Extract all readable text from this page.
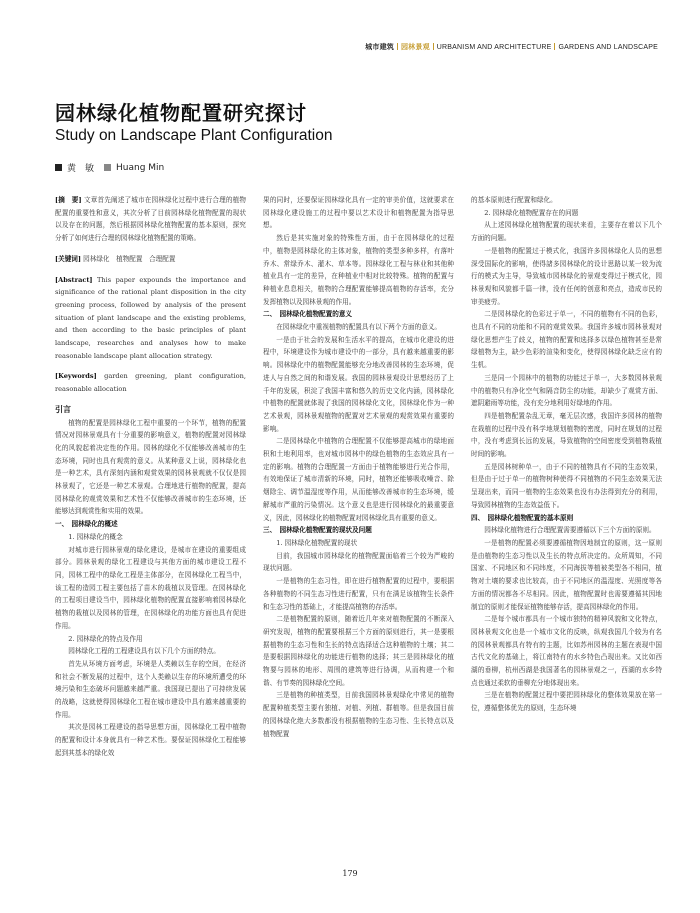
城市建筑 园林景观 URBANISM AND ARCHITECTURE GARDENS AND LANDSCAPE
园林绿化植物配置研究探讨
Study on Landscape Plant Configuration
黄　敏 Huang Min

[摘　要] 文章首先阐述了城市在园林绿化过程中进行合理的植物配置的重要性和意义，其次分析了目前园林绿化植物配置的现状以及存在的问题，然后根据园林绿化植物配置的基本原则，探究分析了如何进行合理的园林绿化植物配置的策略。

[关键词] 园林绿化　植物配置　合理配置

[Abstract] This paper expounds the importance and significance of the rational plant disposition in the city greening process, followed by analysis of the present situation of plant landscape and the existing problems, and then according to the basic principles of plant landscape, researches and analyses how to make reasonable landscape plant allocation strategy.

[Keywords] garden greening, plant configuration, reasonable allocation

引言

植物的配置是园林绿化工程中重要的一个环节，植物的配置情况对园林景观具有十分重要的影响意义，植物的配置对园林绿化的风貌起着决定性的作用。园林的绿化不仅能够改善城市的生态环境，同时也具有观赏的意义。从某种意义上说，园林绿化也是一种艺术，具有深刻内涵和观赏效果的园林景观就不仅仅是园林景观了，它还是一种艺术景观。合理地进行植物的配置，提高园林绿化的观赏效果和艺术性不仅能够改善城市的生态环境，还能够达到观赏性和实用的效果。

一、　园林绿化的概述

1. 园林绿化的概念

对城市进行园林景观的绿化建设，是城市在建设的重要组成部分。园林景观的绿化工程建设与其他方面的城市建设工程不同，园林工程中的绿化工程是主体部分，在园林绿化工程当中，该工程的造园工程主要包括了苗木的栽植以及管理。在园林绿化的工程项目建设当中，园林绿化植物的配置直接影响着园林绿化植物的栽植以及园林的管理，在园林绿化的功能方面也具有促进作用。

2. 园林绿化的特点及作用

园林绿化工程的工程建设具有以下几个方面的特点。

首先从环境方面考虑，环境是人类赖以生存的空间，在经济和社会不断发展的过程中，这个人类赖以生存的环境所遭受的环境污染和生态破坏问题越来越严重。我国现已提出了可持续发展的战略，这就使得园林绿化工程在城市建设中具有越来越重要的作用。

其次是园林工程建设的指导思想方面，园林绿化工程中植物的配置和设计本身就具有一种艺术性。要保证园林绿化工程能够起到其基本的绿化效

果的同时，还要保证园林绿化具有一定的审美价值，这就要求在园林绿化建设施工的过程中要以艺术设计和植物配置为指导思想。

然后是其实施对象的特殊性方面，由于在园林绿化的过程中，植物是园林绿化的主体对象，植物的类型多种多样，有落叶乔木、常绿乔木、灌木、草本等。园林绿化工程与林业和其他种植业具有一定的差异，在种植业中相对比较特殊。植物的配置与种植业息息相关，植物的合理配置能够提高植物的存活率，充分发挥植物以及园林景观的作用。

二、　园林绿化植物配置的意义

在园林绿化中重视植物的配置具有以下两个方面的意义。

一是由于社会的发展和生活水平的提高，在城市化建设的进程中，环境建设作为城市建设中的一部分，具有越来越重要的影响。园林绿化中的植物配置能够充分地改善园林的生态环境，促进人与自然之间的和谐发展。我国的园林景观设计思想经历了上千年的发展，积淀了我国丰富和悠久的历史文化内涵，园林绿化中植物的配置就体现了我国的园林绿化文化，园林绿化作为一种艺术景观，园林景观植物的配置对艺术景观的观赏效果有重要的影响。

二是园林绿化中植物的合理配置不仅能够提高城市的绿地面积和土地利用率，也对城市园林中的绿色植物的生态效应具有一定的影响。植物的合理配置一方面由于植物能够进行光合作用，有效地保证了城市清新的环境，同时，植物还能够吸收噪音、除烟除尘、调节温湿度等作用，从而能够改善城市的生态环境，缓解城市严重的污染情况。这个意义也是进行园林绿化的最重要意义，因此，园林绿化的植物配置对园林绿化具有重要的意义。

三、　园林绿化植物配置的现状及问题

1. 园林绿化植物配置的现状

目前，我国城市园林绿化的植物配置面临着三个较为严峻的现状问题。

一是植物的生态习性，即在进行植物配置的过程中，要根据各种植物的不同生态习性进行配置，只有在满足该植物生长条件和生态习性的基础上，才能提高植物的存活率。

二是植物配置的原则，随着近几年来对植物配置的不断深入研究发现，植物的配置要根据三个方面的原则进行，其一是要根据植物的生态习性和生长的特点选择适合这种植物的土壤；其二是要根据园林绿化的功能进行植物的选择；其三是园林绿化的植物要与园林的地形、周围的建筑等进行协调，从而构建一个和谐、有节奏的园林绿化空间。

三是植物的种植类型，目前我国园林景观绿化中常见的植物配置种植类型主要有独植、对植、列植、群植等。但是我国目前的园林绿化绝大多数都没有根据植物的生态习性、生长特点以及植物配置

的基本原则进行配置和绿化。

2. 园林绿化植物配置存在的问题

从上述园林绿化植物配置的现状来看，主要存在着以下几个方面的问题。

一是植物的配置过于模式化，我国许多园林绿化人员的思想深受国际化的影响，使得諸多园林绿化的设计思路以某一较为流行的模式为主导，导致城市园林绿化的景观变得过于模式化，园林景观和风貌都千篇一律，没有任何的创意和亮点，造成市民的审美疲劳。

二是园林绿化的色彩过于单一，不同的植物有不同的色彩，也具有不同的功能和不同的观赏效果。我国许多城市园林景观对绿化思想产生了歧义，植物的配置和选择多以绿色植物甚至是常绿植物为主，缺少色彩的渲染和变化，使得园林绿化缺乏应有的生机。

三是同一个园林中的植物的功能过于单一，大多数园林景观中的植物只有净化空气和隔音防尘的功能，却缺少了观赏方面、遮阴避雨等功能，没有充分地利用好绿地的作用。

四是植物配置杂乱无章，毫无层次感，我国许多园林的植物在栽植的过程中没有科学地规划植物的密度，同时在规划的过程中，没有考虑到长远的发展，导致植物的空间密度受到植物栽植时间的影响。

五是园林树种单一，由于不同的植物具有不同的生态效果，但是由于过于单一的植物树种使得不同植物的不同生态效果无法呈现出来，而同一植物的生态效果也没有办法得到充分的利用，导致园林植物的生态效益低下。

四、　园林绿化植物配置的基本原则

园林绿化植物进行合理配置需要遵循以下三个方面的原则。

一是植物的配置必须要遵循植物因地制宜的原则，这一原则是由植物的生态习性以及生长的特点所决定的。众所周知，不同国家、不同地区和不同纬度，不同海拔等植被类型各不相同，植物对土壤的要求也比较高，由于不同地区的温湿度、光照度等各方面的情况都各不尽相同。因此，植物配置时也需要遵循其因地制宜的原则才能保证植物能够存活，提高园林绿化的作用。

二是每个城市都具有一个城市独特的精神风貌和文化特点，园林景观文化也是一个城市文化的反映，纵观我国几个较为有名的园林景观都具有特有的主题，比如苏州园林的主题在表现中国古代文化的基础上，将江南特有的水乡特色凸现出来。又比如西湖的垂柳，杭州西湖是我国著名的园林景观之一，西湖的水乡特点也通过柔软的垂柳充分地体现出来。

三是在植物的配置过程中要把园林绿化的整体效果放在第一位，遵循整体优先的原则，生态环境

179
